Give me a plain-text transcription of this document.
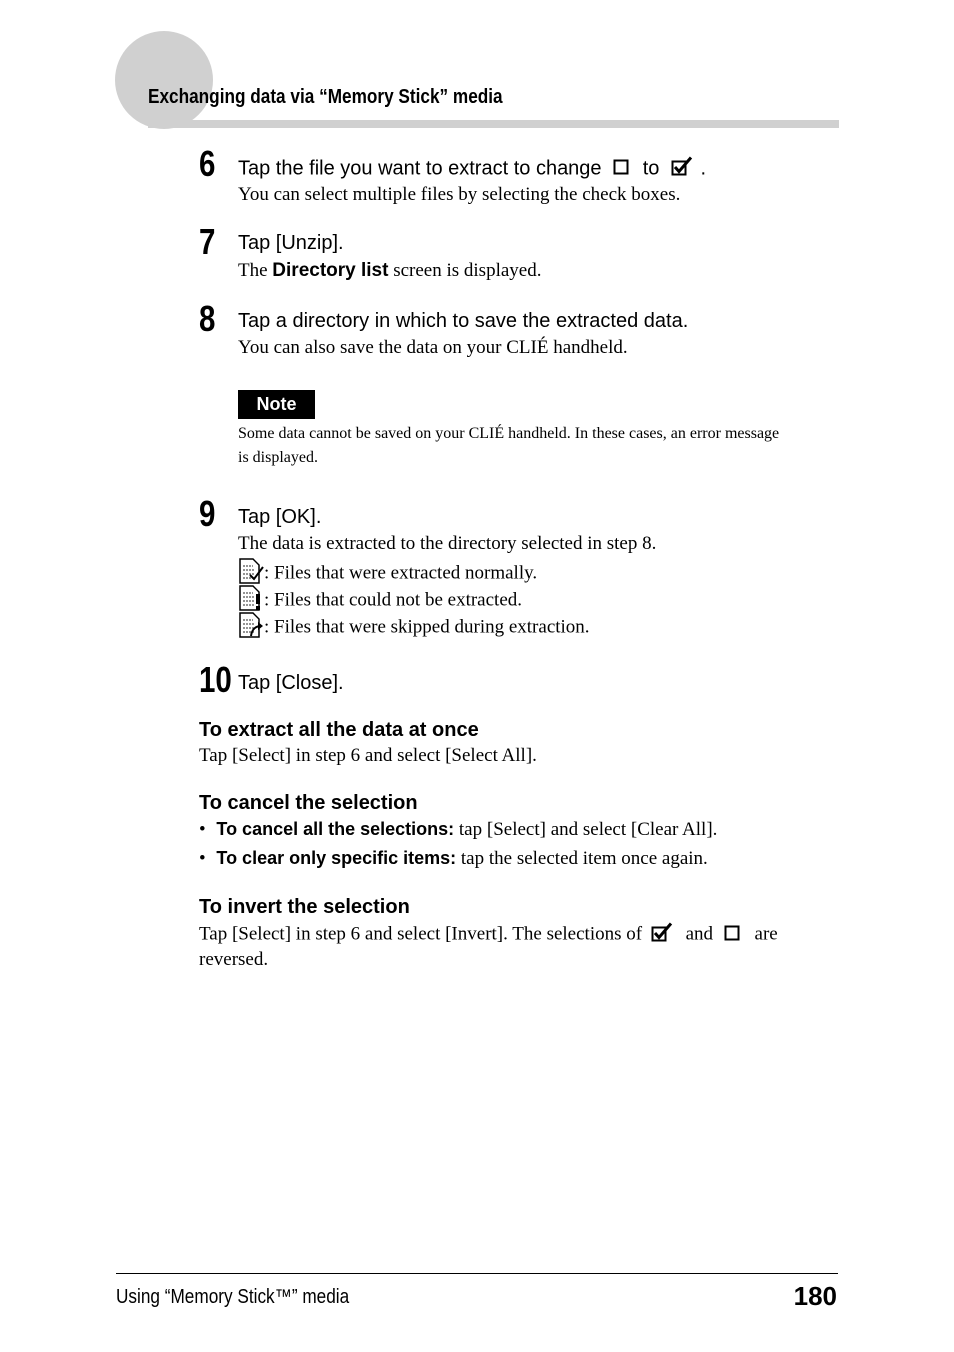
Exchanging data via “Memory Stick” media
6 Tap the file you want to extract to change to .
You can select multiple files by selecting the check boxes.
7 Tap [Unzip].
The Directory list screen is displayed.
8 Tap a directory in which to save the extracted data.
You can also save the data on your CLIÉ handheld.
Note
Some data cannot be saved on your CLIÉ handheld. In these cases, an error message
is displayed.
9 Tap [OK].
The data is extracted to the directory selected in step 8.
: Files that were extracted normally.
: Files that could not be extracted.
: Files that were skipped during extraction.
10 Tap [Close].
To extract all the data at once
Tap [Select] in step 6 and select [Select All].
To cancel the selection
• To cancel all the selections: tap [Select] and select [Clear All].
• To clear only specific items: tap the selected item once again.
To invert the selection
Tap [Select] in step 6 and select [Invert]. The selections of and are
reversed.
Using “Memory Stick™” media	180
